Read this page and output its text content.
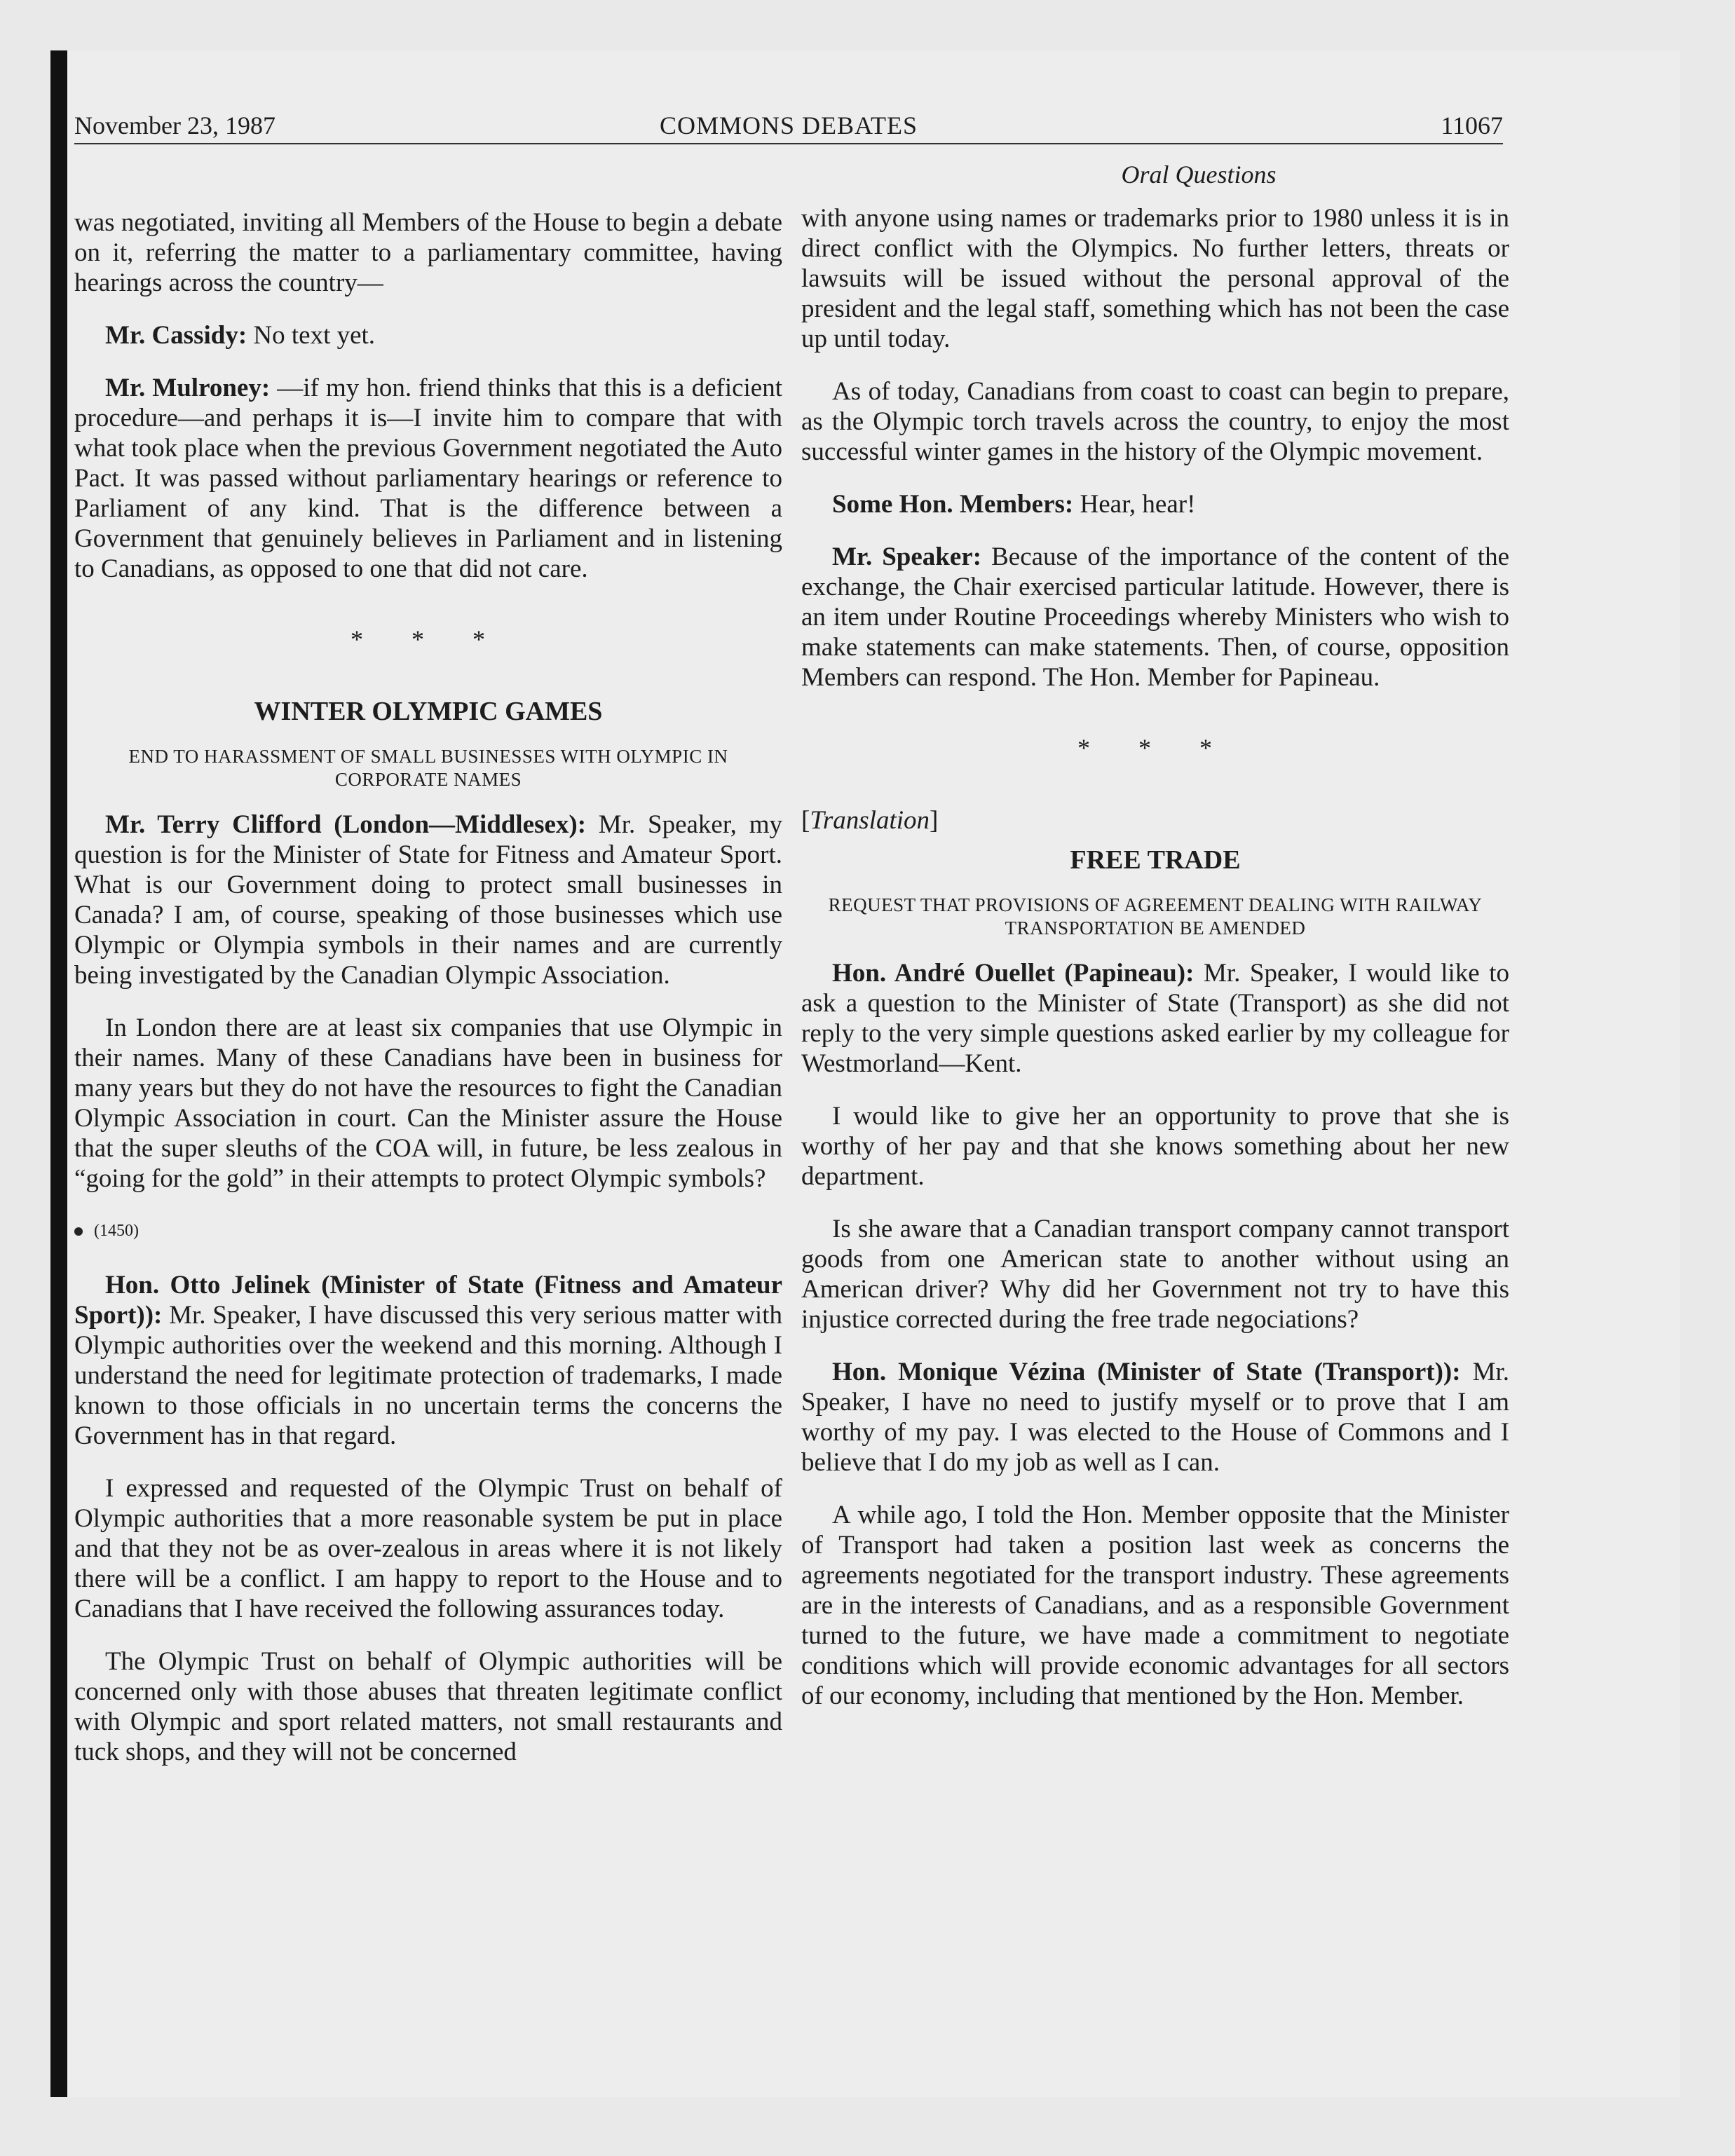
November 23, 1987	COMMONS DEBATES	11067
Oral Questions

was negotiated, inviting all Members of the House to begin a debate on it, referring the matter to a parliamentary committee, having hearings across the country—

Mr. Cassidy: No text yet.

Mr. Mulroney: —if my hon. friend thinks that this is a deficient procedure—and perhaps it is—I invite him to compare that with what took place when the previous Government negotiated the Auto Pact. It was passed without parliamentary hearings or reference to Parliament of any kind. That is the difference between a Government that genuinely believes in Parliament and in listening to Canadians, as opposed to one that did not care.

* * *
WINTER OLYMPIC GAMES
END TO HARASSMENT OF SMALL BUSINESSES WITH OLYMPIC IN CORPORATE NAMES

Mr. Terry Clifford (London—Middlesex): Mr. Speaker, my question is for the Minister of State for Fitness and Amateur Sport. What is our Government doing to protect small businesses in Canada? I am, of course, speaking of those businesses which use Olympic or Olympia symbols in their names and are currently being investigated by the Canadian Olympic Association.

In London there are at least six companies that use Olympic in their names. Many of these Canadians have been in business for many years but they do not have the resources to fight the Canadian Olympic Association in court. Can the Minister assure the House that the super sleuths of the COA will, in future, be less zealous in “going for the gold” in their attempts to protect Olympic symbols?

(1450)

Hon. Otto Jelinek (Minister of State (Fitness and Amateur Sport)): Mr. Speaker, I have discussed this very serious matter with Olympic authorities over the weekend and this morning. Although I understand the need for legitimate protection of trademarks, I made known to those officials in no uncertain terms the concerns the Government has in that regard.

I expressed and requested of the Olympic Trust on behalf of Olympic authorities that a more reasonable system be put in place and that they not be as over-zealous in areas where it is not likely there will be a conflict. I am happy to report to the House and to Canadians that I have received the following assurances today.

The Olympic Trust on behalf of Olympic authorities will be concerned only with those abuses that threaten legitimate conflict with Olympic and sport related matters, not small restaurants and tuck shops, and they will not be concerned

with anyone using names or trademarks prior to 1980 unless it is in direct conflict with the Olympics. No further letters, threats or lawsuits will be issued without the personal approval of the president and the legal staff, something which has not been the case up until today.

As of today, Canadians from coast to coast can begin to prepare, as the Olympic torch travels across the country, to enjoy the most successful winter games in the history of the Olympic movement.

Some Hon. Members: Hear, hear!

Mr. Speaker: Because of the importance of the content of the exchange, the Chair exercised particular latitude. However, there is an item under Routine Proceedings whereby Ministers who wish to make statements can make statements. Then, of course, opposition Members can respond. The Hon. Member for Papineau.

* * *
[Translation]
FREE TRADE
REQUEST THAT PROVISIONS OF AGREEMENT DEALING WITH RAILWAY TRANSPORTATION BE AMENDED

Hon. André Ouellet (Papineau): Mr. Speaker, I would like to ask a question to the Minister of State (Transport) as she did not reply to the very simple questions asked earlier by my colleague for Westmorland—Kent.

I would like to give her an opportunity to prove that she is worthy of her pay and that she knows something about her new department.

Is she aware that a Canadian transport company cannot transport goods from one American state to another without using an American driver? Why did her Government not try to have this injustice corrected during the free trade negociations?

Hon. Monique Vézina (Minister of State (Transport)): Mr. Speaker, I have no need to justify myself or to prove that I am worthy of my pay. I was elected to the House of Commons and I believe that I do my job as well as I can.

A while ago, I told the Hon. Member opposite that the Minister of Transport had taken a position last week as concerns the agreements negotiated for the transport industry. These agreements are in the interests of Canadians, and as a responsible Government turned to the future, we have made a commitment to negotiate conditions which will provide economic advantages for all sectors of our economy, including that mentioned by the Hon. Member.
